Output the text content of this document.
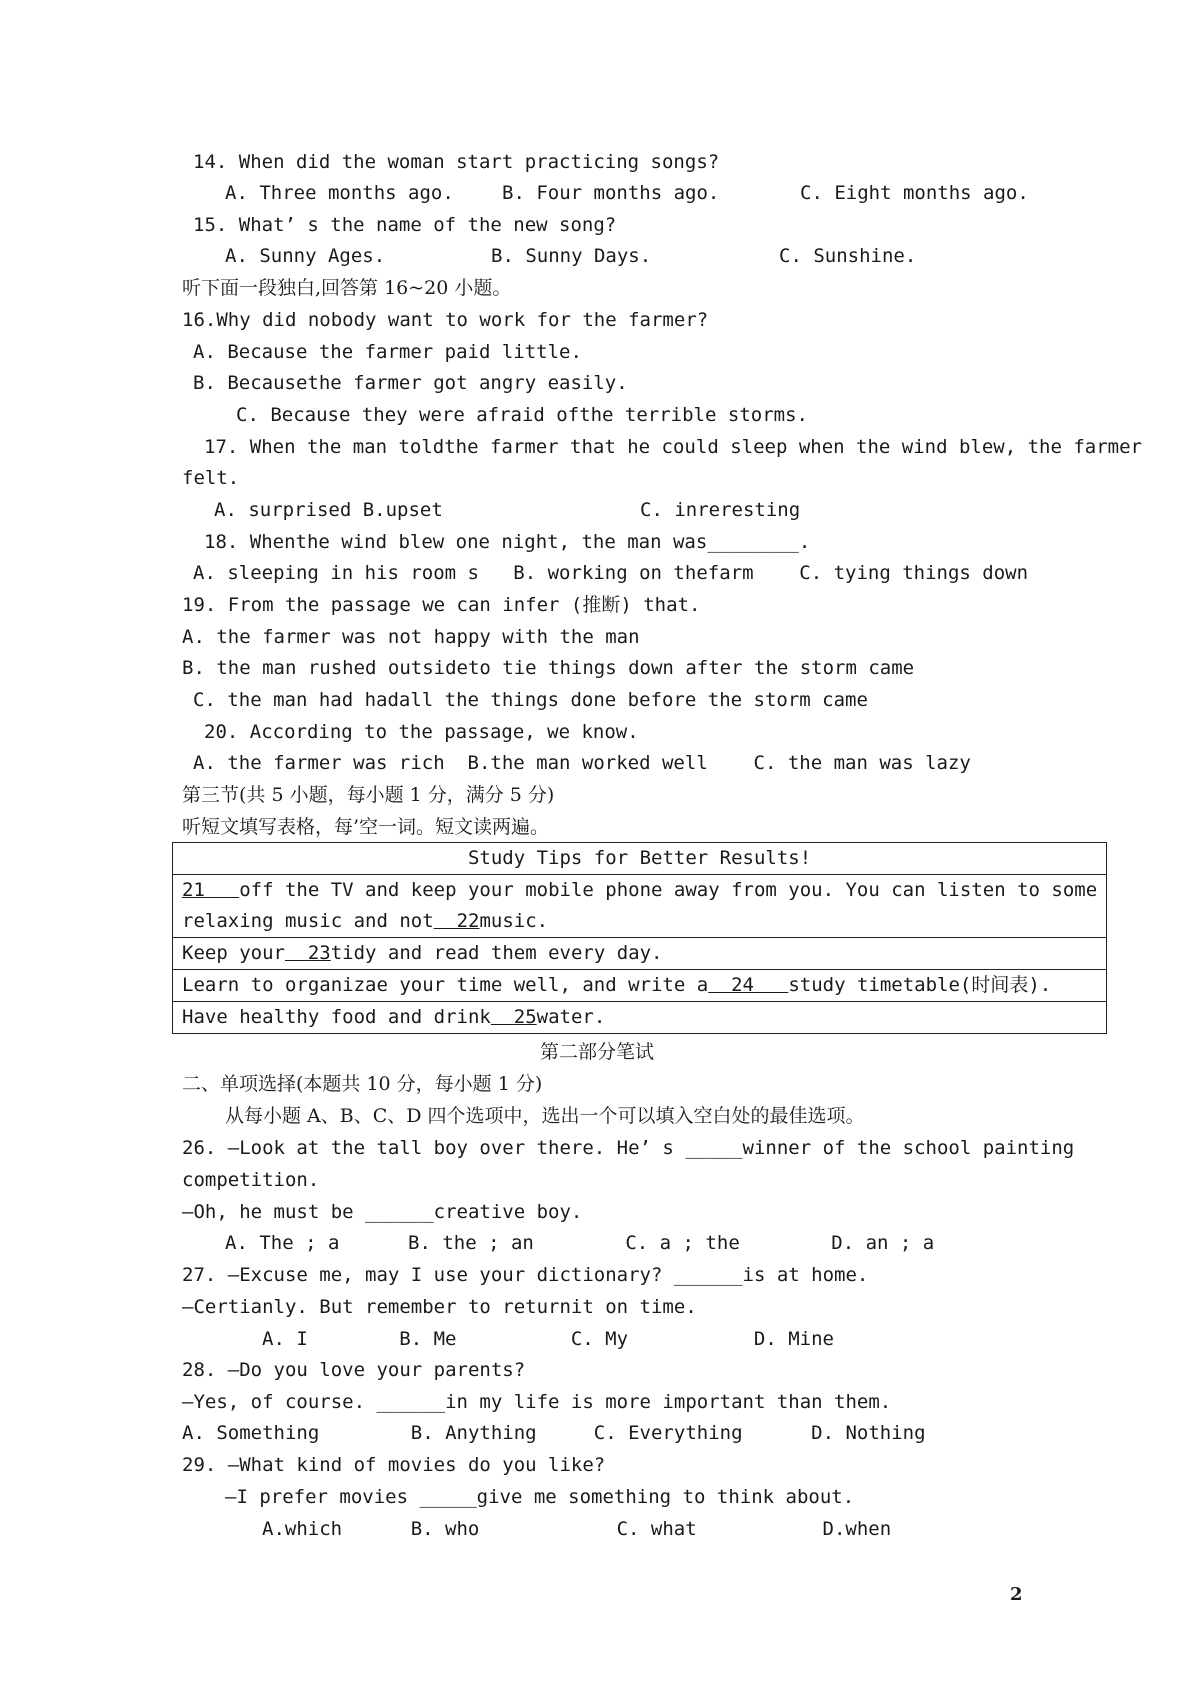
14. When did the woman start practicing songs?
A. Three months ago.	B. Four months ago.	C. Eight months ago.
15. What’ s the name of the new song?
A. Sunny Ages.	B. Sunny Days.	C. Sunshine.
听下面一段独白,回答第 16~20 小题。
16.Why did nobody want to work for the farmer?
A. Because the farmer paid little.
B. Becausethe farmer got angry easily.
C. Because they were afraid ofthe terrible storms.
17. When the man toldthe farmer that he could sleep when the wind blew, the farmer
felt.
A. surprised B.upset	C. inreresting
18. Whenthe wind blew one night, the man was________.
A. sleeping in his room s   B. working on thefarm    C. tying things down
19. From the passage we can infer (推断) that.
A. the farmer was not happy with the man
B. the man rushed outsideto tie things down after the storm came
C. the man had hadall the things done before the storm came
20. According to the passage, we know.
A. the farmer was rich  B.the man worked well    C. the man was lazy
第三节(共 5 小题，每小题 1 分，满分 5 分)
听短文填写表格，每’空一词。短文读两遍。
Study Tips for Better Results!
21 off the TV and keep your mobile phone away from you. You can listen to some
relaxing music and not 22music.
Keep your 23tidy and read them every day.
Learn to organizae your time well, and write a 24 study timetable(时间表).
Have healthy food and drink 25water.
第二部分笔试
二、单项选择(本题共 10 分，每小题 1 分)
从每小题 A、B、C、D 四个选项中，选出一个可以填入空白处的最佳选项。
26. —Look at the tall boy over there. He’ s _____winner of the school painting
competition.
—Oh, he must be ______creative boy.
A. The ; a      B. the ; an        C. a ; the        D. an ; a
27. —Excuse me, may I use your dictionary? ______is at home.
—Certianly. But remember to returnit on time.
A. I        B. Me          C. My           D. Mine
28. —Do you love your parents?
—Yes, of course. ______in my life is more important than them.
A. Something        B. Anything     C. Everything      D. Nothing
29. —What kind of movies do you like?
—I prefer movies _____give me something to think about.
A.which      B. who            C. what           D.when
2
